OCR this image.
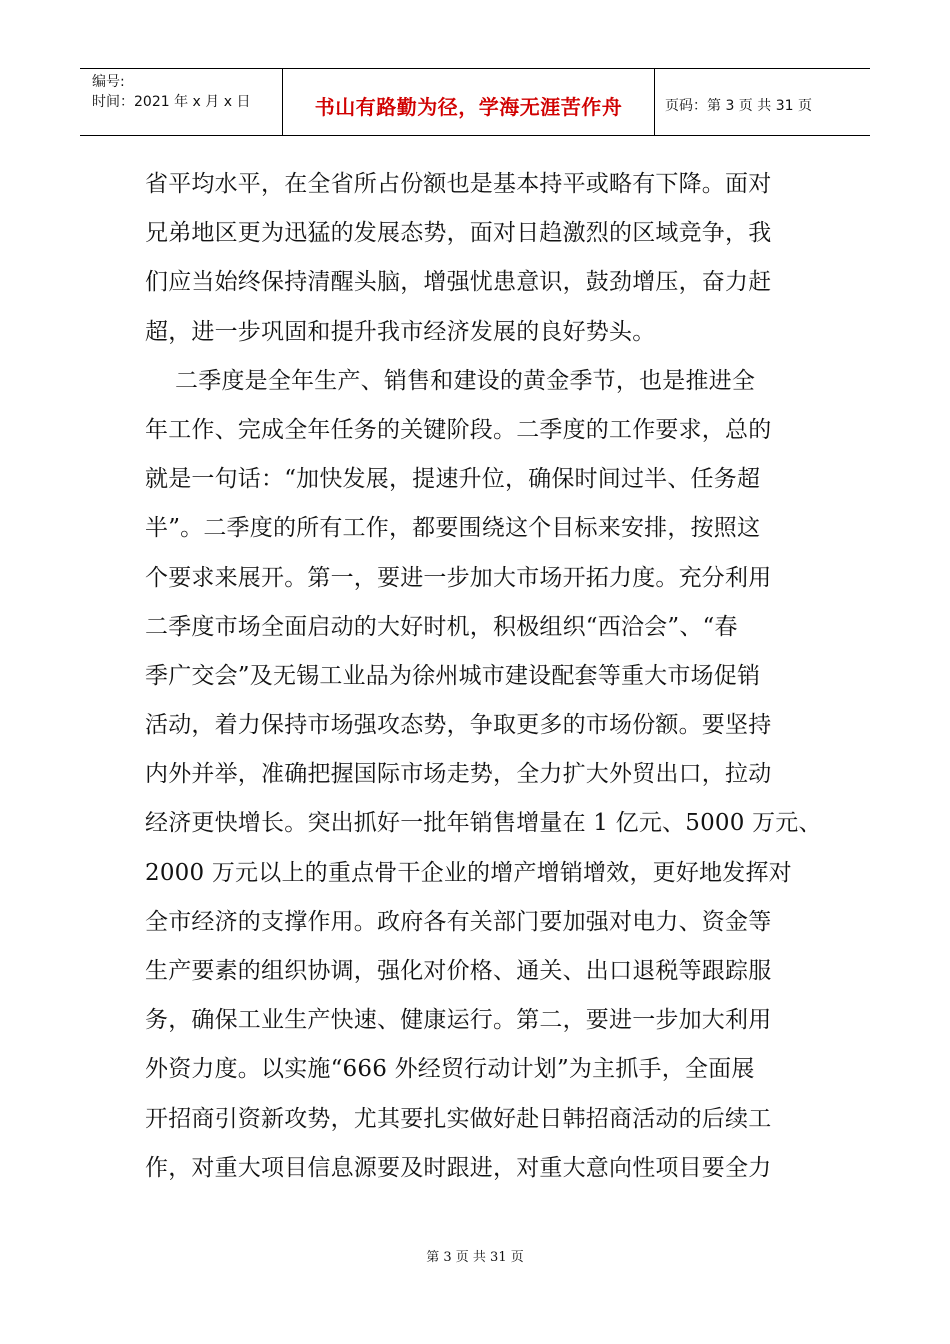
编号:
时间：2021 年 x 月 x 日	书山有路勤为径，学海无涯苦作舟	页码：第 3 页 共 31 页
省平均水平，在全省所占份额也是基本持平或略有下降。面对
兄弟地区更为迅猛的发展态势，面对日趋激烈的区域竞争，我
们应当始终保持清醒头脑，增强忧患意识，鼓劲增压，奋力赶
超，进一步巩固和提升我市经济发展的良好势头。
二季度是全年生产、销售和建设的黄金季节，也是推进全
年工作、完成全年任务的关键阶段。二季度的工作要求，总的
就是一句话：“加快发展，提速升位，确保时间过半、任务超
半”。二季度的所有工作，都要围绕这个目标来安排，按照这
个要求来展开。第一，要进一步加大市场开拓力度。充分利用
二季度市场全面启动的大好时机，积极组织“西洽会”、“春
季广交会”及无锡工业品为徐州城市建设配套等重大市场促销
活动，着力保持市场强攻态势，争取更多的市场份额。要坚持
内外并举，准确把握国际市场走势，全力扩大外贸出口，拉动
经济更快增长。突出抓好一批年销售增量在 1 亿元、5000 万元、
2000 万元以上的重点骨干企业的增产增销增效，更好地发挥对
全市经济的支撑作用。政府各有关部门要加强对电力、资金等
生产要素的组织协调，强化对价格、通关、出口退税等跟踪服
务，确保工业生产快速、健康运行。第二，要进一步加大利用
外资力度。以实施“666 外经贸行动计划”为主抓手，全面展
开招商引资新攻势，尤其要扎实做好赴日韩招商活动的后续工
作，对重大项目信息源要及时跟进，对重大意向性项目要全力
第 3 页 共 31 页
